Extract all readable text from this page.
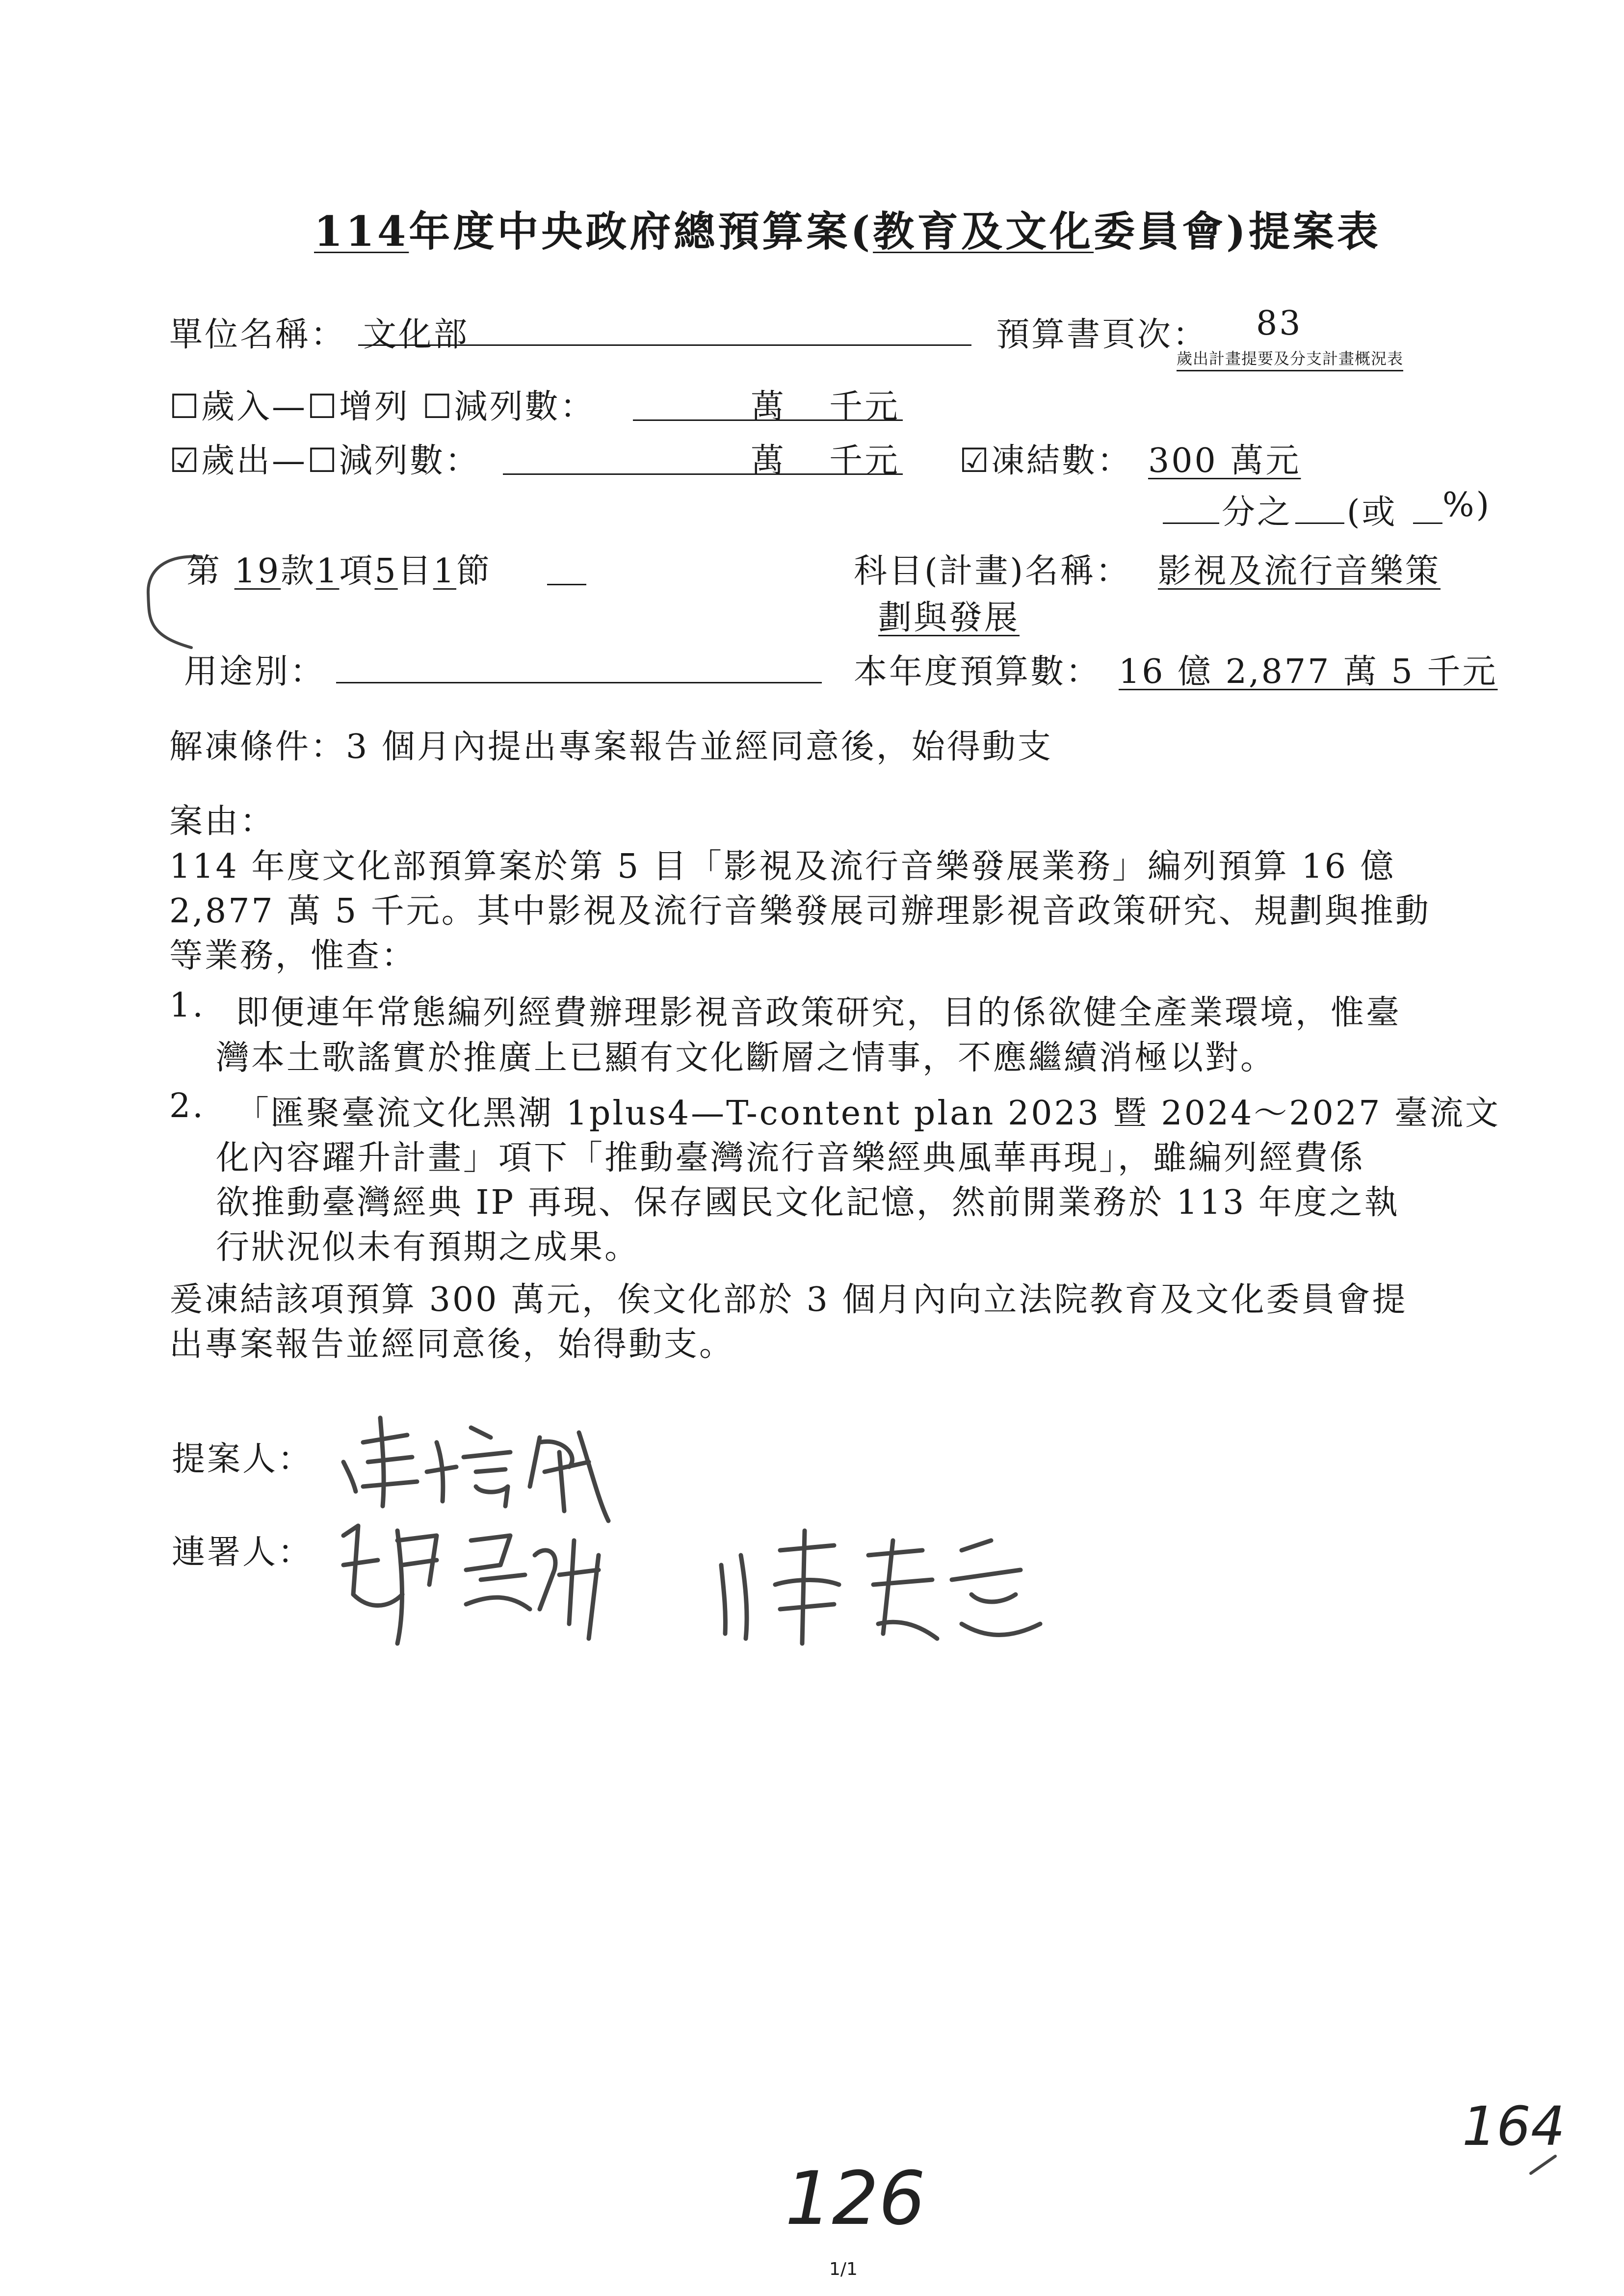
114年度中央政府總預算案(教育及文化委員會)提案表
單位名稱： 文化部	預算書頁次： 83
歲出計畫提要及分支計畫概況表
☐歲入—☐增列 ☐減列數：	萬 千元
☑歲出—☐減列數：	萬 千元 ☑凍結數： 300 萬元
分之 (或 %)
第 19款1項5目1節	科目(計畫)名稱： 影視及流行音樂策
劃與發展
用途別：	本年度預算數： 16 億 2,877 萬 5 千元
解凍條件：3 個月內提出專案報告並經同意後，始得動支
案由：
114 年度文化部預算案於第 5 目「影視及流行音樂發展業務」編列預算 16 億
2,877 萬 5 千元。其中影視及流行音樂發展司辦理影視音政策研究、規劃與推動
等業務，惟查：
1. 即便連年常態編列經費辦理影視音政策研究，目的係欲健全產業環境，惟臺
灣本土歌謠實於推廣上已顯有文化斷層之情事，不應繼續消極以對。
2. 「匯聚臺流文化黑潮 1plus4—T-content plan 2023 暨 2024～2027 臺流文
化內容躍升計畫」項下「推動臺灣流行音樂經典風華再現」，雖編列經費係
欲推動臺灣經典 IP 再現、保存國民文化記憶，然前開業務於 113 年度之執
行狀況似未有預期之成果。
爰凍結該項預算 300 萬元，俟文化部於 3 個月內向立法院教育及文化委員會提
出專案報告並經同意後，始得動支。
提案人：
連署人：
126
164
1/1
